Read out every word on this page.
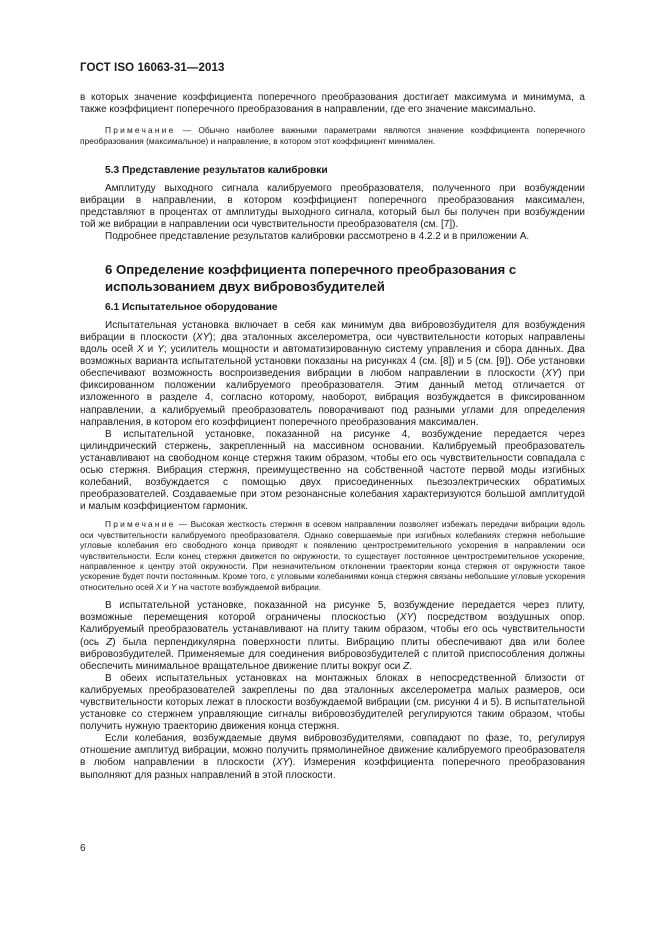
ГОСТ ISO 16063-31—2013

в которых значение коэффициента поперечного преобразования достигает максимума и минимума, а также коэффициент поперечного преобразования в направлении, где его значение максимально.

Примечание — Обычно наиболее важными параметрами являются значение коэффициента поперечного преобразования (максимальное) и направление, в котором этот коэффициент минимален.

5.3 Представление результатов калибровки

Амплитуду выходного сигнала калибруемого преобразователя, полученного при возбуждении вибрации в направлении, в котором коэффициент поперечного преобразования максимален, представляют в процентах от амплитуды выходного сигнала, который был бы получен при возбуждении той же вибрации в направлении оси чувствительности преобразователя (см. [7]).

Подробнее представление результатов калибровки рассмотрено в 4.2.2 и в приложении А.

6 Определение коэффициента поперечного преобразования с использованием двух вибровозбудителей
6.1 Испытательное оборудование

Испытательная установка включает в себя как минимум два вибровозбудителя для возбуждения вибрации в плоскости (XY); два эталонных акселерометра, оси чувствительности которых направлены вдоль осей X и Y; усилитель мощности и автоматизированную систему управления и сбора данных. Два возможных варианта испытательной установки показаны на рисунках 4 (см. [8]) и 5 (см. [9]). Обе установки обеспечивают возможность воспроизведения вибрации в любом направлении в плоскости (XY) при фиксированном положении калибруемого преобразователя. Этим данный метод отличается от изложенного в разделе 4, согласно которому, наоборот, вибрация возбуждается в фиксированном направлении, а калибруемый преобразователь поворачивают под разными углами для определения направления, в котором его коэффициент поперечного преобразования максимален.

В испытательной установке, показанной на рисунке 4, возбуждение передается через цилиндрический стержень, закрепленный на массивном основании. Калибруемый преобразователь устанавливают на свободном конце стержня таким образом, чтобы его ось чувствительности совпадала с осью стержня. Вибрация стержня, преимущественно на собственной частоте первой моды изгибных колебаний, возбуждается с помощью двух присоединенных пьезоэлектрических обратимых преобразователей. Создаваемые при этом резонансные колебания характеризуются большой амплитудой и малым коэффициентом гармоник.

Примечание — Высокая жесткость стержня в осевом направлении позволяет избежать передачи вибрации вдоль оси чувствительности калибруемого преобразователя. Однако совершаемые при изгибных колебаниях стержня небольшие угловые колебания его свободного конца приводят к появлению центростремительного ускорения в направлении оси чувствительности. Если конец стержня движется по окружности, то существует постоянное центростремительное ускорение, направленное к центру этой окружности. При незначительном отклонении траектории конца стержня от окружности такое ускорение будет почти постоянным. Кроме того, с угловыми колебаниями конца стержня связаны небольшие угловые ускорения относительно осей X и Y на частоте возбуждаемой вибрации.

В испытательной установке, показанной на рисунке 5, возбуждение передается через плиту, возможные перемещения которой ограничены плоскостью (XY) посредством воздушных опор. Калибруемый преобразователь устанавливают на плиту таким образом, чтобы его ось чувствительности (ось Z) была перпендикулярна поверхности плиты. Вибрацию плиты обеспечивают два или более вибровозбудителей. Применяемые для соединения вибровозбудителей с плитой приспособления должны обеспечить минимальное вращательное движение плиты вокруг оси Z.

В обеих испытательных установках на монтажных блоках в непосредственной близости от калибруемых преобразователей закреплены по два эталонных акселерометра малых размеров, оси чувствительности которых лежат в плоскости возбуждаемой вибрации (см. рисунки 4 и 5). В испытательной установке со стержнем управляющие сигналы вибровозбудителей регулируются таким образом, чтобы получить нужную траекторию движения конца стержня.

Если колебания, возбуждаемые двумя вибровозбудителями, совпадают по фазе, то, регулируя отношение амплитуд вибрации, можно получить прямолинейное движение калибруемого преобразователя в любом направлении в плоскости (XY). Измерения коэффициента поперечного преобразования выполняют для разных направлений в этой плоскости.

6
